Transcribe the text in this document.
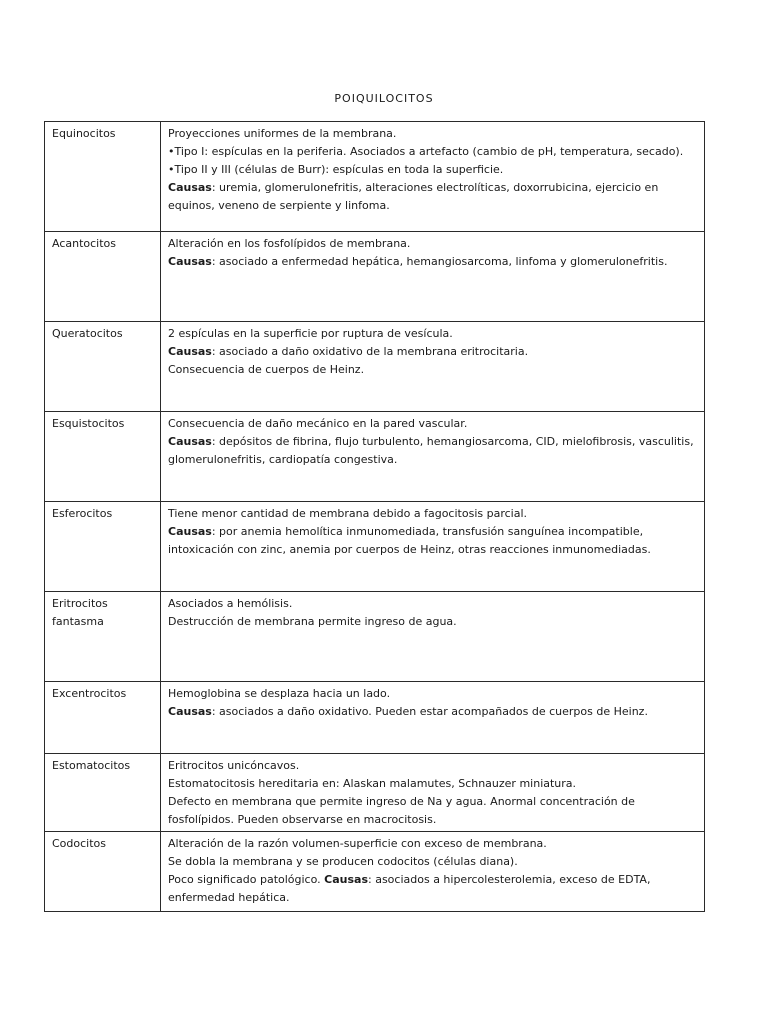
POIQUILOCITOS
Equinocitos	Proyecciones uniformes de la membrana.
•Tipo I: espículas en la periferia. Asociados a artefacto (cambio de pH, temperatura, secado).
•Tipo II y III (células de Burr): espículas en toda la superficie.
Causas: uremia, glomerulonefritis, alteraciones electrolíticas, doxorrubicina, ejercicio en equinos, veneno de serpiente y linfoma.

Acantocitos	Alteración en los fosfolípidos de membrana.
Causas: asociado a enfermedad hepática, hemangiosarcoma, linfoma y glomerulonefritis.

Queratocitos	2 espículas en la superficie por ruptura de vesícula.
Causas: asociado a daño oxidativo de la membrana eritrocitaria.
Consecuencia de cuerpos de Heinz.

Esquistocitos	Consecuencia de daño mecánico en la pared vascular.
Causas: depósitos de fibrina, flujo turbulento, hemangiosarcoma, CID, mielofibrosis, vasculitis, glomerulonefritis, cardiopatía congestiva.

Esferocitos	Tiene menor cantidad de membrana debido a fagocitosis parcial.
Causas: por anemia hemolítica inmunomediada, transfusión sanguínea incompatible, intoxicación con zinc, anemia por cuerpos de Heinz, otras reacciones inmunomediadas.

Eritrocitos fantasma	Asociados a hemólisis.
Destrucción de membrana permite ingreso de agua.

Excentrocitos	Hemoglobina se desplaza hacia un lado.
Causas: asociados a daño oxidativo. Pueden estar acompañados de cuerpos de Heinz.

Estomatocitos	Eritrocitos unicóncavos.
Estomatocitosis hereditaria en: Alaskan malamutes, Schnauzer miniatura.
Defecto en membrana que permite ingreso de Na y agua. Anormal concentración de fosfolípidos. Pueden observarse en macrocitosis.

Codocitos	Alteración de la razón volumen-superficie con exceso de membrana.
Se dobla la membrana y se producen codocitos (células diana).
Poco significado patológico. Causas: asociados a hipercolesterolemia, exceso de EDTA, enfermedad hepática.
